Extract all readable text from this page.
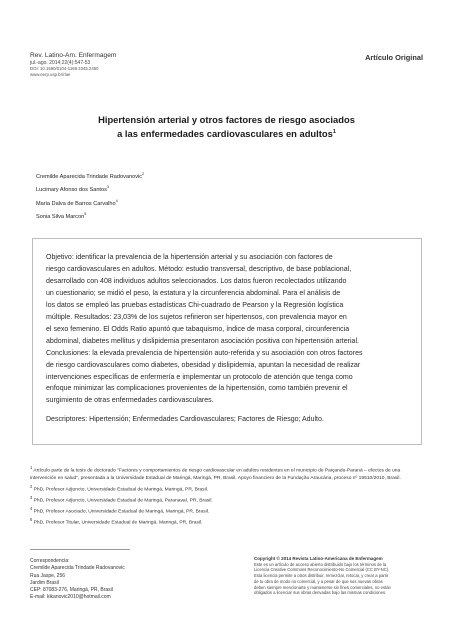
Rev. Latino-Am. Enfermagem
jul.-ago. 2014;22(4):547-53
DOI: 10.1590/0104-1169.3345.2450
www.eerp.usp.br/rlae
Artículo Original
Hipertensión arterial y otros factores de riesgo asociados
a las enfermedades cardiovasculares en adultos$^1$
Cremilde Aparecida Trindade Radovanovic$^2$
Lucimary Afonso dos Santos$^3$
Maria Dalva de Barros Carvalho$^4$
Sonia Silva Marcon$^5$
Objetivo: identificar la prevalencia de la hipertensión arterial y su asociación con factores de
riesgo cardiovasculares en adultos. Método: estudio transversal, descriptivo, de base poblacional,
desarrollado con 408 individuos adultos seleccionados. Los datos fueron recolectados utilizando
un cuestionario; se midió el peso, la estatura y la circunferencia abdominal. Para el análisis de
los datos se empleó las pruebas estadísticas Chi-cuadrado de Pearson y la Regresión logística
múltiple. Resultados: 23,03% de los sujetos refirieron ser hipertensos, con prevalencia mayor en
el sexo femenino. El Odds Ratio apuntó que tabaquismo, índice de masa corporal, circunferencia
abdominal, diabetes mellitus y dislipidemia presentaron asociación positiva con hipertensión arterial.
Conclusiones: la elevada prevalencia de hipertensión auto-referida y su asociación con otros factores
de riesgo cardiovasculares como diabetes, obesidad y dislipidemia, apuntan la necesidad de realizar
intervenciones específicas de enfermería e implementar un protocolo de atención que tenga como
enfoque minimizar las complicaciones provenientes de la hipertensión, como también prevenir el
surgimiento de otras enfermedades cardiovasculares.
Descriptores: Hipertensión; Enfermedades Cardiovasculares; Factores de Riesgo; Adulto.

$^1$ Artículo parte de la tesis de doctorado "Factores y comportamientos de riesgo cardiovascular en adultos residentes en el municipio de Paiçandu-Paraná – efectos de una intervención en salud", presentada a la Universidade Estadual de Maringá, Maringá, PR, Brasil. Apoyo financiero de la Fundação Araucária, proceso nº 19510/2010, Brasil.

$^2$ PhD, Profesor Adjuncto, Universidade Estadual de Maringá, Maringá, PR, Brasil.

$^3$ PhD, Profesor Adjuncto, Universidade Estadual de Maringá, Paranavaí, PR, Brasil.

$^4$ PhD, Profesor Asociado, Universidade Estadual de Maringá, Maringá, PR, Brasil.

$^5$ PhD, Profesor Titular, Universidade Estadual de Maringá, Maringá, PR, Brasil.

Correspondencia:
Cremilde Aparecida Trindade Radovanovic
Rua Jaspe, 256
Jardim Brasil
CEP: 87083-276, Maringá, PR, Brasil
E-mail: kikanovic2010@hotmail.com
Copyright © 2014 Revista Latino-Americana de Enfermagem
Este es un artículo de acceso abierto distribuido bajo los términos de la
Licencia Creative Commons Reconocimiento-No Comercial (CC BY-NC).
Esta licencia permite a otros distribuir, remezclar, retocar, y crear a partir
de tu obra de modo no comercial, y a pesar de que sus nuevas obras
deben siempre mencionarte y mantenerse sin fines comerciales, no están
obligados a licenciar sus obras derivadas bajo las mismas condiciones.
